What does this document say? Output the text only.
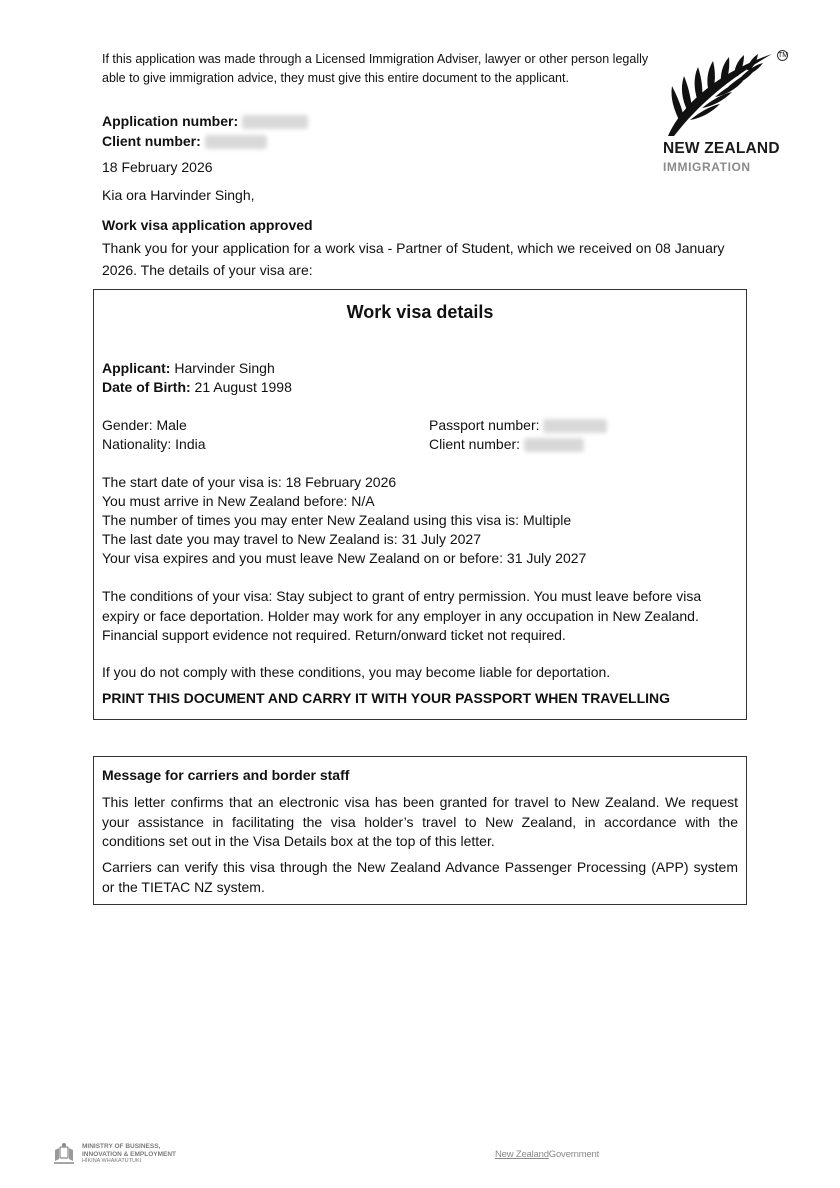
If this application was made through a Licensed Immigration Adviser, lawyer or other person legally able to give immigration advice, they must give this entire document to the applicant.
TM
NEW ZEALAND
IMMIGRATION
Application number:
Client number:
18 February 2026
Kia ora Harvinder Singh,
Work visa application approved
Thank you for your application for a work visa - Partner of Student, which we received on 08 January 2026. The details of your visa are:
Work visa details
Applicant: Harvinder Singh
Date of Birth: 21 August 1998
Gender: Male
Nationality: India
Passport number:
Client number:
The start date of your visa is: 18 February 2026
You must arrive in New Zealand before: N/A
The number of times you may enter New Zealand using this visa is: Multiple
The last date you may travel to New Zealand is: 31 July 2027
Your visa expires and you must leave New Zealand on or before: 31 July 2027
The conditions of your visa: Stay subject to grant of entry permission. You must leave before visa expiry or face deportation. Holder may work for any employer in any occupation in New Zealand. Financial support evidence not required. Return/onward ticket not required.
If you do not comply with these conditions, you may become liable for deportation.
PRINT THIS DOCUMENT AND CARRY IT WITH YOUR PASSPORT WHEN TRAVELLING
Message for carriers and border staff
This letter confirms that an electronic visa has been granted for travel to New Zealand. We request your assistance in facilitating the visa holder’s travel to New Zealand, in accordance with the conditions set out in the Visa Details box at the top of this letter.
Carriers can verify this visa through the New Zealand Advance Passenger Processing (APP) system or the TIETAC NZ system.
MINISTRY OF BUSINESS,
INNOVATION & EMPLOYMENT
HĪKINA WHAKATUTUKI
New ZealandGovernment
